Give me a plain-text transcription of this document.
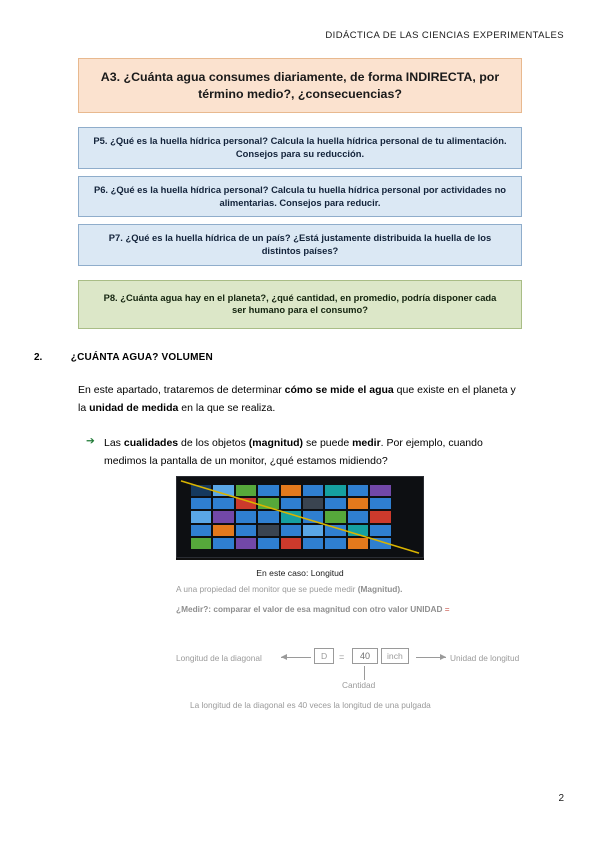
DIDÁCTICA DE LAS CIENCIAS EXPERIMENTALES
A3. ¿Cuánta agua consumes diariamente, de forma INDIRECTA, por término medio?, ¿consecuencias?
P5. ¿Qué es la huella hídrica personal? Calcula la huella hídrica personal de tu alimentación. Consejos para su reducción.
P6. ¿Qué es la huella hídrica personal? Calcula tu huella hídrica personal por actividades no alimentarias. Consejos para reducir.
P7. ¿Qué es la huella hídrica de un país? ¿Está justamente distribuida la huella de los distintos países?
P8. ¿Cuánta agua hay en el planeta?, ¿qué cantidad, en promedio, podría disponer cada ser humano para el consumo?
2.	¿CUÁNTA AGUA? VOLUMEN
En este apartado, trataremos de determinar cómo se mide el agua que existe en el planeta y la unidad de medida en la que se realiza.
➔ Las cualidades de los objetos (magnitud) se puede medir. Por ejemplo, cuando medimos la pantalla de un monitor, ¿qué estamos midiendo?
En este caso: Longitud
A una propiedad del monitor que se puede medir (Magnitud).
¿Medir?: comparar el valor de esa magnitud con otro valor UNIDAD =
Longitud de la diagonal	D	=	40	inch	Unidad de longitud
Cantidad
La longitud de la diagonal es 40 veces la longitud de una pulgada
2
